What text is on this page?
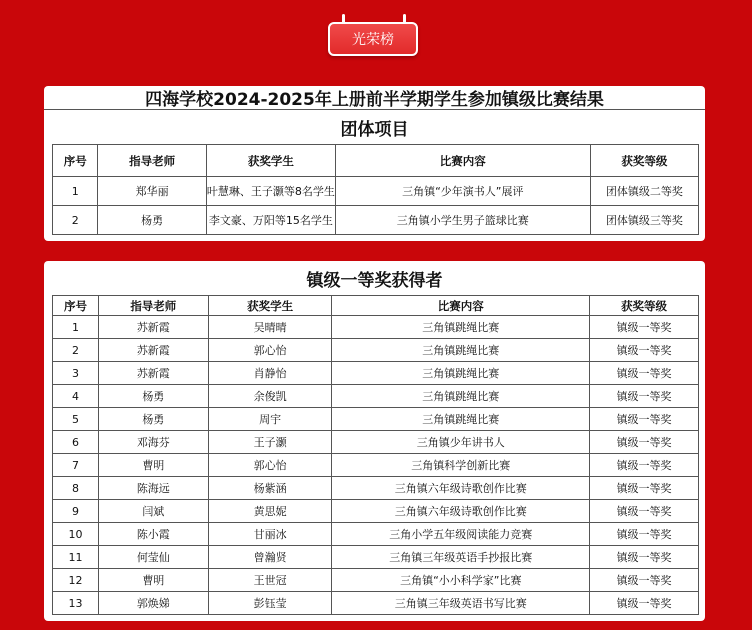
光荣榜
四海学校2024-2025年上册前半学期学生参加镇级比赛结果
团体项目
序号	指导老师	获奖学生	比赛内容	获奖等级
1	郑华丽	叶慧琳、王子灏等8名学生	三角镇“少年演书人”展评	团体镇级二等奖
2	杨勇	李文豪、万阳等15名学生	三角镇小学生男子篮球比赛	团体镇级三等奖
镇级一等奖获得者
序号	指导老师	获奖学生	比赛内容	获奖等级
1	苏新霞	吴晴晴	三角镇跳绳比赛	镇级一等奖
2	苏新霞	郭心怡	三角镇跳绳比赛	镇级一等奖
3	苏新霞	肖静怡	三角镇跳绳比赛	镇级一等奖
4	杨勇	余俊凯	三角镇跳绳比赛	镇级一等奖
5	杨勇	周宇	三角镇跳绳比赛	镇级一等奖
6	邓海芬	王子灏	三角镇少年讲书人	镇级一等奖
7	曹明	郭心怡	三角镇科学创新比赛	镇级一等奖
8	陈海远	杨紫涵	三角镇六年级诗歌创作比赛	镇级一等奖
9	闫斌	黄思妮	三角镇六年级诗歌创作比赛	镇级一等奖
10	陈小霞	甘丽冰	三角小学五年级阅读能力竞赛	镇级一等奖
11	何莹仙	曾瀚贤	三角镇三年级英语手抄报比赛	镇级一等奖
12	曹明	王世冠	三角镇“小小科学家”比赛	镇级一等奖
13	郭焕娣	彭钰莹	三角镇三年级英语书写比赛	镇级一等奖
